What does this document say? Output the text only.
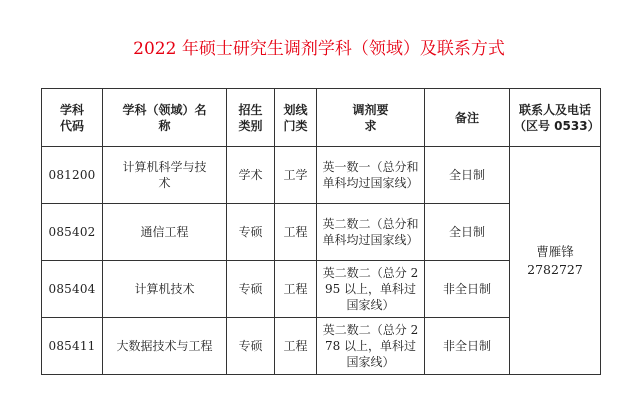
2022 年硕士研究生调剂学科（领域）及联系方式
学科代码	学科（领域）名称	招生类别	划线门类	调剂要求	备注	联系人及电话（区号 0533）

081200	计算机科学与技术	学术	工学	英一数一（总分和单科均过国家线）	全日制	曹雁锋
2782727
085402	通信工程	专硕	工程	英二数二（总分和单科均过国家线）	全日制	
085404	计算机技术	专硕	工程	英二数二（总分 295 以上，单科过国家线）	非全日制	
085411	大数据技术与工程	专硕	工程	英二数二（总分 278 以上，单科过国家线）	非全日制	
